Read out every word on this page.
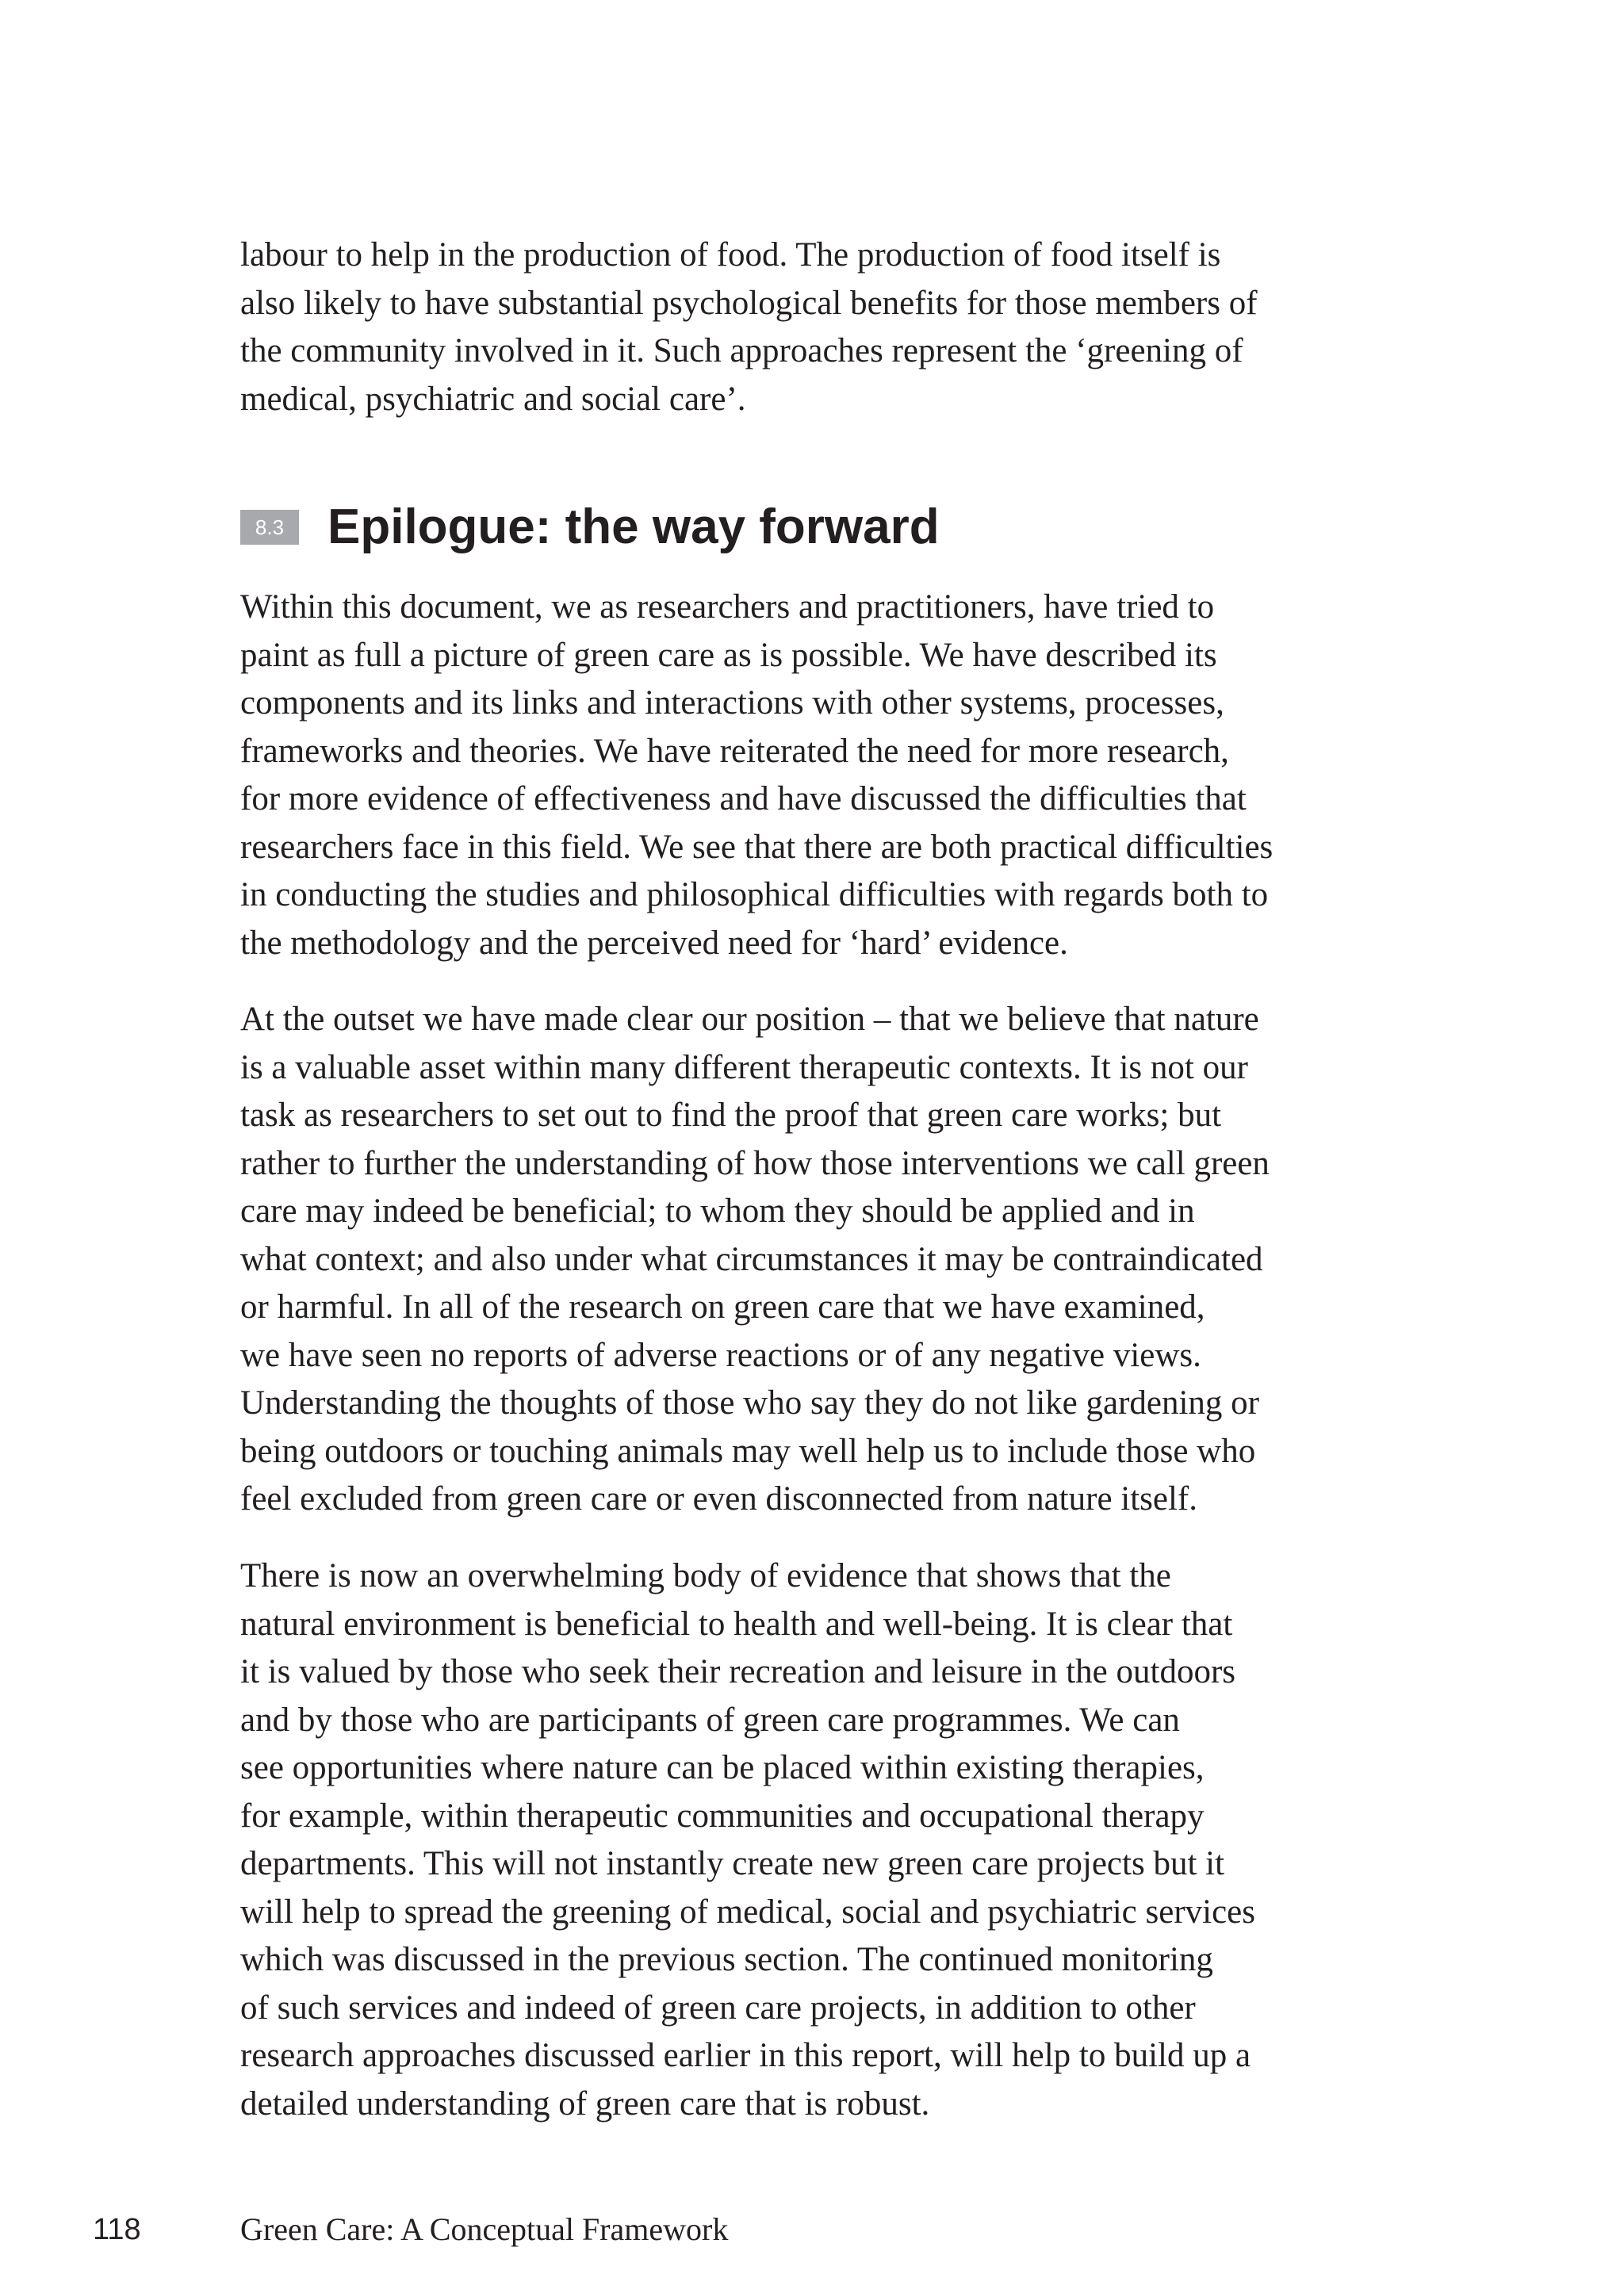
labour to help in the production of food. The production of food itself is
also likely to have substantial psychological benefits for those members of
the community involved in it. Such approaches represent the ‘greening of
medical, psychiatric and social care’.

8.3 Epilogue: the way forward

Within this document, we as researchers and practitioners, have tried to
paint as full a picture of green care as is possible. We have described its
components and its links and interactions with other systems, processes,
frameworks and theories. We have reiterated the need for more research,
for more evidence of effectiveness and have discussed the difficulties that
researchers face in this field. We see that there are both practical difficulties
in conducting the studies and philosophical difficulties with regards both to
the methodology and the perceived need for ‘hard’ evidence.

At the outset we have made clear our position – that we believe that nature
is a valuable asset within many different therapeutic contexts. It is not our
task as researchers to set out to find the proof that green care works; but
rather to further the understanding of how those interventions we call green
care may indeed be beneficial; to whom they should be applied and in
what context; and also under what circumstances it may be contraindicated
or harmful. In all of the research on green care that we have examined,
we have seen no reports of adverse reactions or of any negative views.
Understanding the thoughts of those who say they do not like gardening or
being outdoors or touching animals may well help us to include those who
feel excluded from green care or even disconnected from nature itself.

There is now an overwhelming body of evidence that shows that the
natural environment is beneficial to health and well-being. It is clear that
it is valued by those who seek their recreation and leisure in the outdoors
and by those who are participants of green care programmes. We can
see opportunities where nature can be placed within existing therapies,
for example, within therapeutic communities and occupational therapy
departments. This will not instantly create new green care projects but it
will help to spread the greening of medical, social and psychiatric services
which was discussed in the previous section. The continued monitoring
of such services and indeed of green care projects, in addition to other
research approaches discussed earlier in this report, will help to build up a
detailed understanding of green care that is robust.

118	Green Care: A Conceptual Framework
